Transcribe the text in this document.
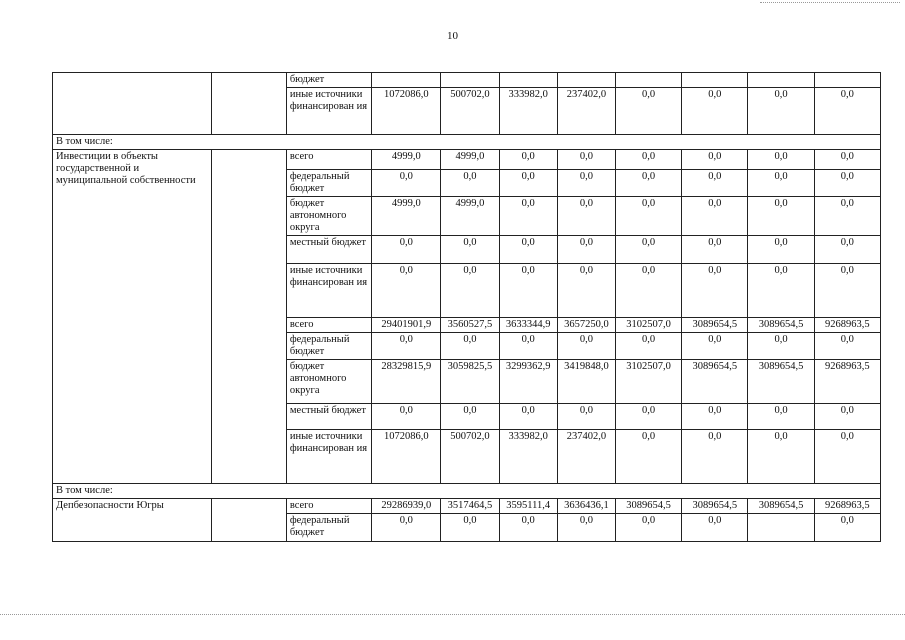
10
		бюджет								
		иные источники финансирован ия	1072086,0	500702,0	333982,0	237402,0	0,0	0,0	0,0	0,0
В том числе:										
Инвестиции в объекты государственной и муниципальной собственности		всего	4999,0	4999,0	0,0	0,0	0,0	0,0	0,0	0,0
		федеральный бюджет	0,0	0,0	0,0	0,0	0,0	0,0	0,0	0,0
		бюджет автономного округа	4999,0	4999,0	0,0	0,0	0,0	0,0	0,0	0,0
		местный бюджет	0,0	0,0	0,0	0,0	0,0	0,0	0,0	0,0
		иные источники финансирован ия	0,0	0,0	0,0	0,0	0,0	0,0	0,0	0,0
		всего	29401901,9	3560527,5	3633344,9	3657250,0	3102507,0	3089654,5	3089654,5	9268963,5
		федеральный бюджет	0,0	0,0	0,0	0,0	0,0	0,0	0,0	0,0
		бюджет автономного округа	28329815,9	3059825,5	3299362,9	3419848,0	3102507,0	3089654,5	3089654,5	9268963,5
		местный бюджет	0,0	0,0	0,0	0,0	0,0	0,0	0,0	0,0
		иные источники финансирован ия	1072086,0	500702,0	333982,0	237402,0	0,0	0,0	0,0	0,0
В том числе:										
Депбезопасности Югры		всего	29286939,0	3517464,5	3595111,4	3636436,1	3089654,5	3089654,5	3089654,5	9268963,5
		федеральный бюджет	0,0	0,0	0,0	0,0	0,0	0,0		0,0
